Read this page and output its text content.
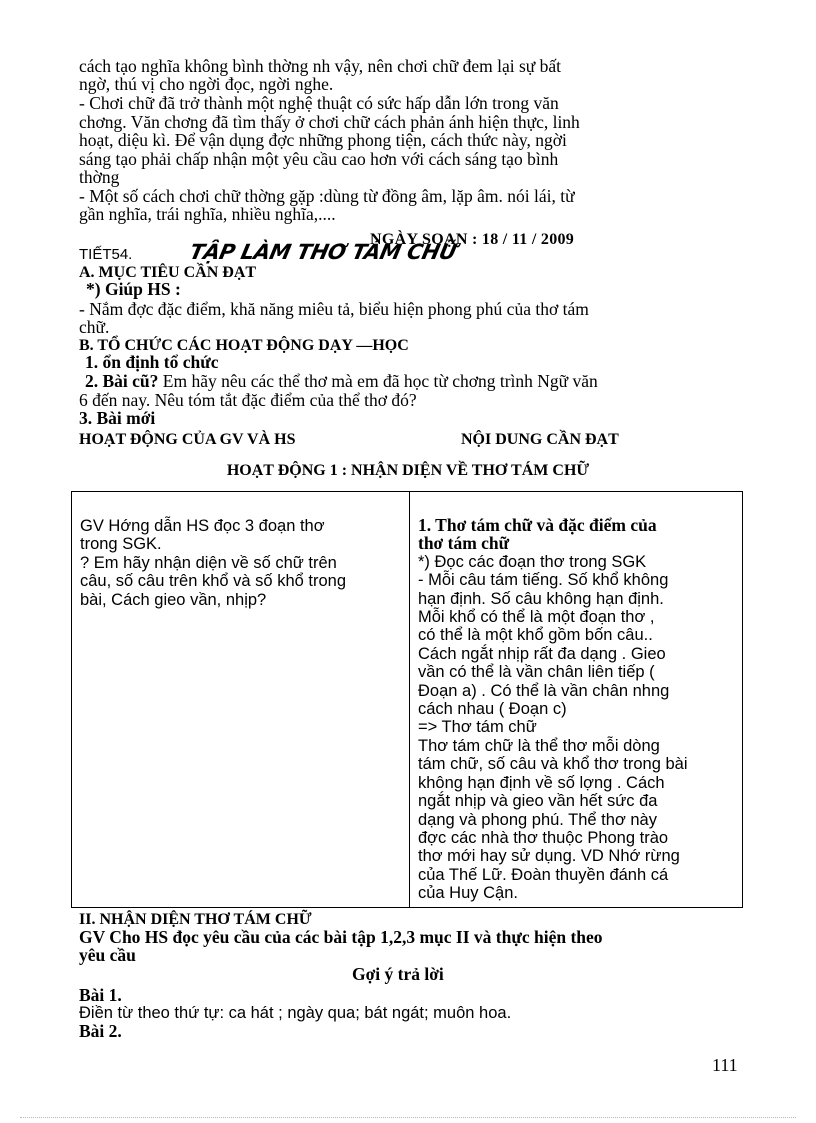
cách tạo nghĩa không bình thờng nh vậy, nên chơi chữ đem lại sự bất
ngờ, thú vị cho ngời đọc, ngời nghe.
- Chơi chữ đã trở thành một nghệ thuật có sức hấp dẫn lớn trong văn
chơng. Văn chơng đã tìm thấy ở chơi chữ cách phản ánh hiện thực, linh
hoạt, diệu kì. Để vận dụng đợc những phong tiện, cách thức này, ngời
sáng tạo phải chấp nhận một yêu cầu cao hơn với cách sáng tạo bình
thờng
- Một số cách chơi chữ thờng gặp :dùng từ đồng âm, lặp âm. nói lái, từ
gần nghĩa, trái nghĩa, nhiều nghĩa,....
NGÀY SOẠN : 18 / 11 / 2009
TIẾT54.	TẬP LÀM THƠ TÁM CHỮ
A. MỤC TIÊU CẦN ĐẠT
*) Giúp HS :
- Nắm đợc đặc điểm, khă năng miêu tả, biểu hiện phong phú của thơ tám
chữ.
B. TỔ CHỨC CÁC HOẠT ĐỘNG DẠY —HỌC
1. ổn định tổ chức
2. Bài cũ? Em hãy nêu các thể thơ mà em đã học từ chơng trình Ngữ văn
6 đến nay. Nêu tóm tắt đặc điểm của thể thơ đó?
3. Bài mới
HOẠT ĐỘNG CỦA GV VÀ HS	NỘI DUNG CẦN ĐẠT
HOẠT ĐỘNG 1 : NHẬN DIỆN VỀ THƠ TÁM CHỮ
GV Hớng dẫn HS đọc 3 đoạn thơ
trong SGK.
? Em hãy nhận diện về số chữ trên
câu, số câu trên khổ và số khổ trong
bài, Cách gieo vần, nhịp?
1. Thơ tám chữ và đặc điểm của
thơ tám chữ
*) Đọc các đoạn thơ trong SGK
- Mỗi câu tám tiếng. Số khổ không
hạn định. Số câu không hạn định.
Mỗi khổ có thể là một đoạn thơ ,
có thể là một khổ gồm bốn câu..
Cách ngắt nhịp rất đa dạng . Gieo
vần có thể là vần chân liên tiếp (
Đoạn a) . Có thể là vần chân nhng
cách nhau ( Đoạn c)
=> Thơ tám chữ
Thơ tám chữ là thể thơ mỗi dòng
tám chữ, số câu và khổ thơ trong bài
không hạn định về số lợng . Cách
ngắt nhịp và gieo vần hết sức đa
dạng và phong phú. Thể thơ này
đợc các nhà thơ thuộc Phong trào
thơ mới hay sử dụng. VD Nhớ rừng
của Thế Lữ. Đoàn thuyền đánh cá
của Huy Cận.
II. NHẬN DIỆN THƠ TÁM CHỮ
GV Cho HS đọc yêu cầu của các bài tập 1,2,3 mục II và thực hiện theo
yêu cầu
Gợi ý trả lời
Bài 1.
Điền từ theo thứ tự: ca hát ; ngày qua; bát ngát; muôn hoa.
Bài 2.
111
